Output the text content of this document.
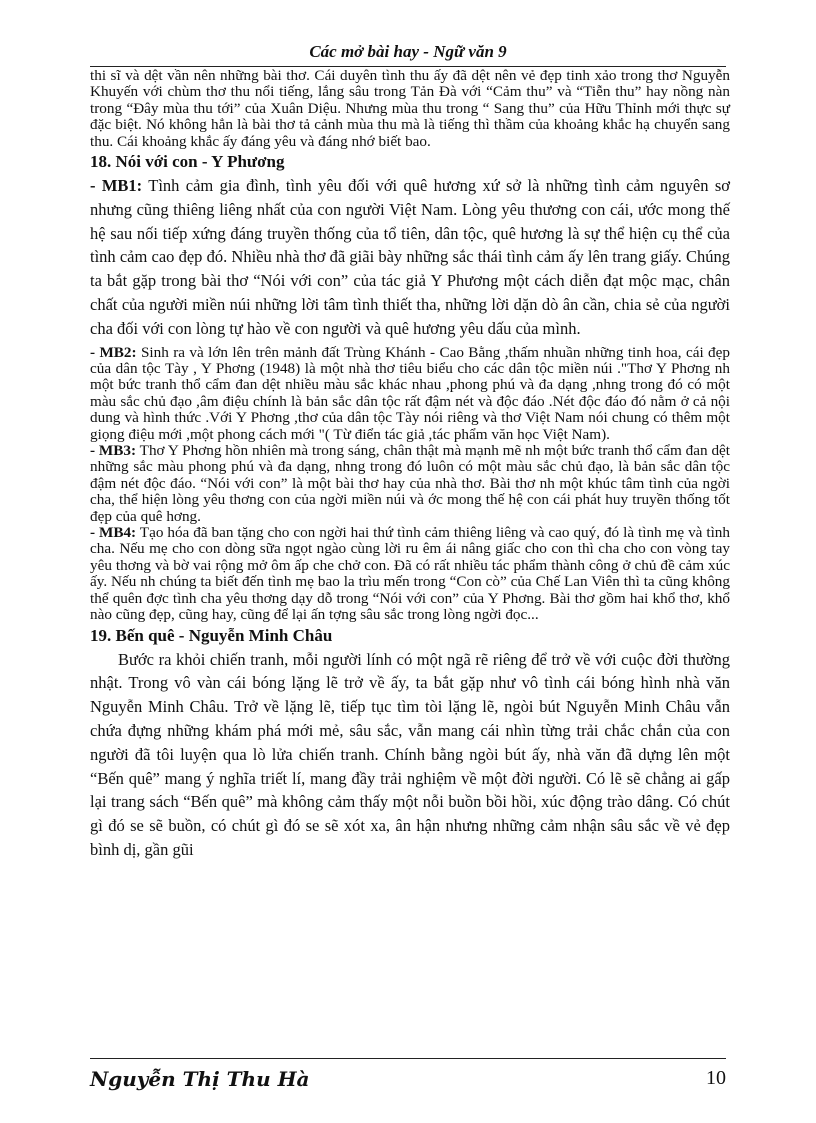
Các mở bài hay - Ngữ văn 9

thi sĩ và dệt vần nên những bài thơ. Cái duyên tình thu ấy đã dệt nên vẻ đẹp tinh xảo trong thơ Nguyễn Khuyến với chùm thơ thu nổi tiếng, lắng sâu trong Tản Đà với “Cảm thu” và “Tiễn thu” hay nồng nàn trong “Đây mùa thu tới” của Xuân Diệu. Nhưng mùa thu trong “ Sang thu” của Hữu Thỉnh mới thực sự đặc biệt. Nó không hẳn là bài thơ tả cảnh mùa thu mà là tiếng thì thầm của khoảng khắc hạ chuyển sang thu. Cái khoảng khắc ấy đáng yêu và đáng nhớ biết bao.

18. Nói với con - Y Phương

- MB1: Tình cảm gia đình, tình yêu đối với quê hương xứ sở là những tình cảm nguyên sơ nhưng cũng thiêng liêng nhất của con người Việt Nam. Lòng yêu thương con cái, ước mong thế hệ sau nối tiếp xứng đáng truyền thống của tổ tiên, dân tộc, quê hương là sự thể hiện cụ thể của tình cảm cao đẹp đó. Nhiều nhà thơ đã giãi bày những sắc thái tình cảm ấy lên trang giấy. Chúng ta bắt gặp trong bài thơ “Nói với con” của tác giả Y Phương một cách diễn đạt mộc mạc, chân chất của người miền núi những lời tâm tình thiết tha, những lời dặn dò ân cần, chia sẻ của người cha đối với con lòng tự hào về con người và quê hương yêu dấu của mình.

- MB2: Sinh ra và lớn lên trên mảnh đất Trùng Khánh - Cao Bằng ,thấm nhuần những tinh hoa, cái đẹp của dân tộc Tày , Y Phơng (1948) là một nhà thơ tiêu biểu cho các dân tộc miền núi ."Thơ Y Phơng nh một bức tranh thổ cẩm đan dệt nhiều màu sắc khác nhau ,phong phú và đa dạng ,nhng trong đó có một màu sắc chủ đạo ,âm điệu chính là bản sắc dân tộc rất đậm nét và độc đáo .Nét độc đáo đó nằm ở cả nội dung và hình thức .Với Y Phơng ,thơ của dân tộc Tày nói riêng và thơ Việt Nam nói chung có thêm một giọng điệu mới ,một phong cách mới "( Từ điển tác giả ,tác phẩm văn học Việt Nam).

- MB3: Thơ Y Phơng hồn nhiên mà trong sáng, chân thật mà mạnh mẽ nh một bức tranh thổ cẩm đan dệt những sắc màu phong phú và đa dạng, nhng trong đó luôn có một màu sắc chủ đạo, là bản sắc dân tộc đậm nét độc đáo. “Nói với con” là một bài thơ hay của nhà thơ. Bài thơ nh một khúc tâm tình của ngời cha, thể hiện lòng yêu thơng con của ngời miền núi và ớc mong thế hệ con cái phát huy truyền thống tốt đẹp của quê hơng.

- MB4: Tạo hóa đã ban tặng cho con ngời hai thứ tình cảm thiêng liêng và cao quý, đó là tình mẹ và tình cha. Nếu mẹ cho con dòng sữa ngọt ngào cùng lời ru êm ái nâng giấc cho con thì cha cho con vòng tay yêu thơng và bờ vai rộng mở ôm ấp che chở con. Đã có rất nhiều tác phẩm thành công ở chủ đề cảm xúc ấy. Nếu nh chúng ta biết đến tình mẹ bao la trìu mến trong “Con cò” của Chế Lan Viên thì ta cũng không thể quên đợc tình cha yêu thơng dạy dỗ trong “Nói với con” của Y Phơng. Bài thơ gồm hai khổ thơ, khổ nào cũng đẹp, cũng hay, cũng để lại ấn tợng sâu sắc trong lòng ngời đọc...

19. Bến quê - Nguyễn Minh Châu

Bước ra khỏi chiến tranh, mỗi người lính có một ngã rẽ riêng để trở về với cuộc đời thường nhật. Trong vô vàn cái bóng lặng lẽ trở về ấy, ta bắt gặp như vô tình cái bóng hình nhà văn Nguyễn Minh Châu. Trở về lặng lẽ, tiếp tục tìm tòi lặng lẽ, ngòi bút Nguyễn Minh Châu vẫn chứa đựng những khám phá mới mẻ, sâu sắc, vẫn mang cái nhìn từng trải chắc chắn của con người đã tôi luyện qua lò lửa chiến tranh. Chính bằng ngòi bút ấy, nhà văn đã dựng lên một “Bến quê” mang ý nghĩa triết lí, mang đầy trải nghiệm về một đời người. Có lẽ sẽ chẳng ai gấp lại trang sách “Bến quê” mà không cảm thấy một nỗi buồn bồi hồi, xúc động trào dâng. Có chút gì đó se sẽ buồn, có chút gì đó se sẽ xót xa, ân hận nhưng những cảm nhận sâu sắc về vẻ đẹp bình dị, gần gũi

Nguyễn Thị Thu Hà	10
